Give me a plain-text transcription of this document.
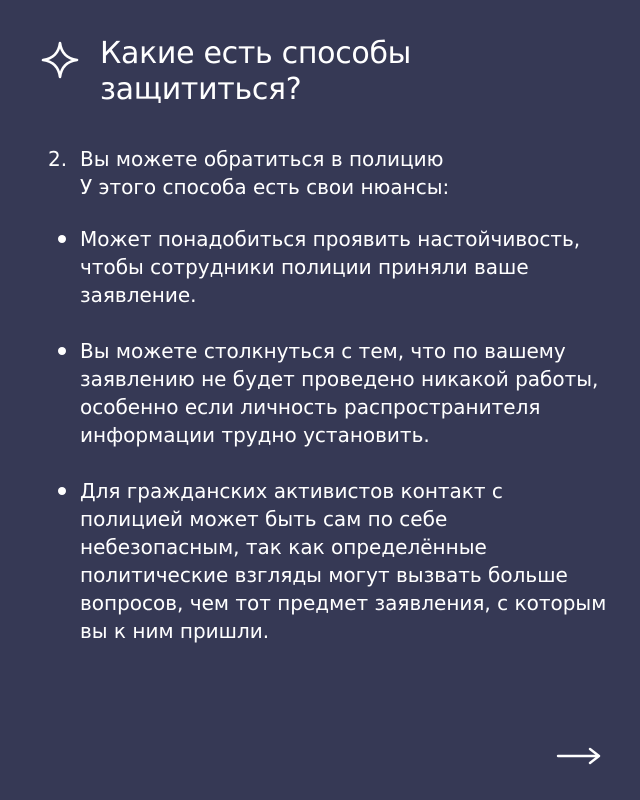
Какие есть способы защититься?
2. Вы можете обратиться в полицию
У этого способа есть свои нюансы:
Может понадобиться проявить настойчивость, чтобы сотрудники полиции приняли ваше заявление.
Вы можете столкнуться с тем, что по вашему заявлению не будет проведено никакой работы, особенно если личность распространителя информации трудно установить.
Для гражданских активистов контакт с полицией может быть сам по себе небезопасным, так как определённые политические взгляды могут вызвать больше вопросов, чем тот предмет заявления, с которым вы к ним пришли.
